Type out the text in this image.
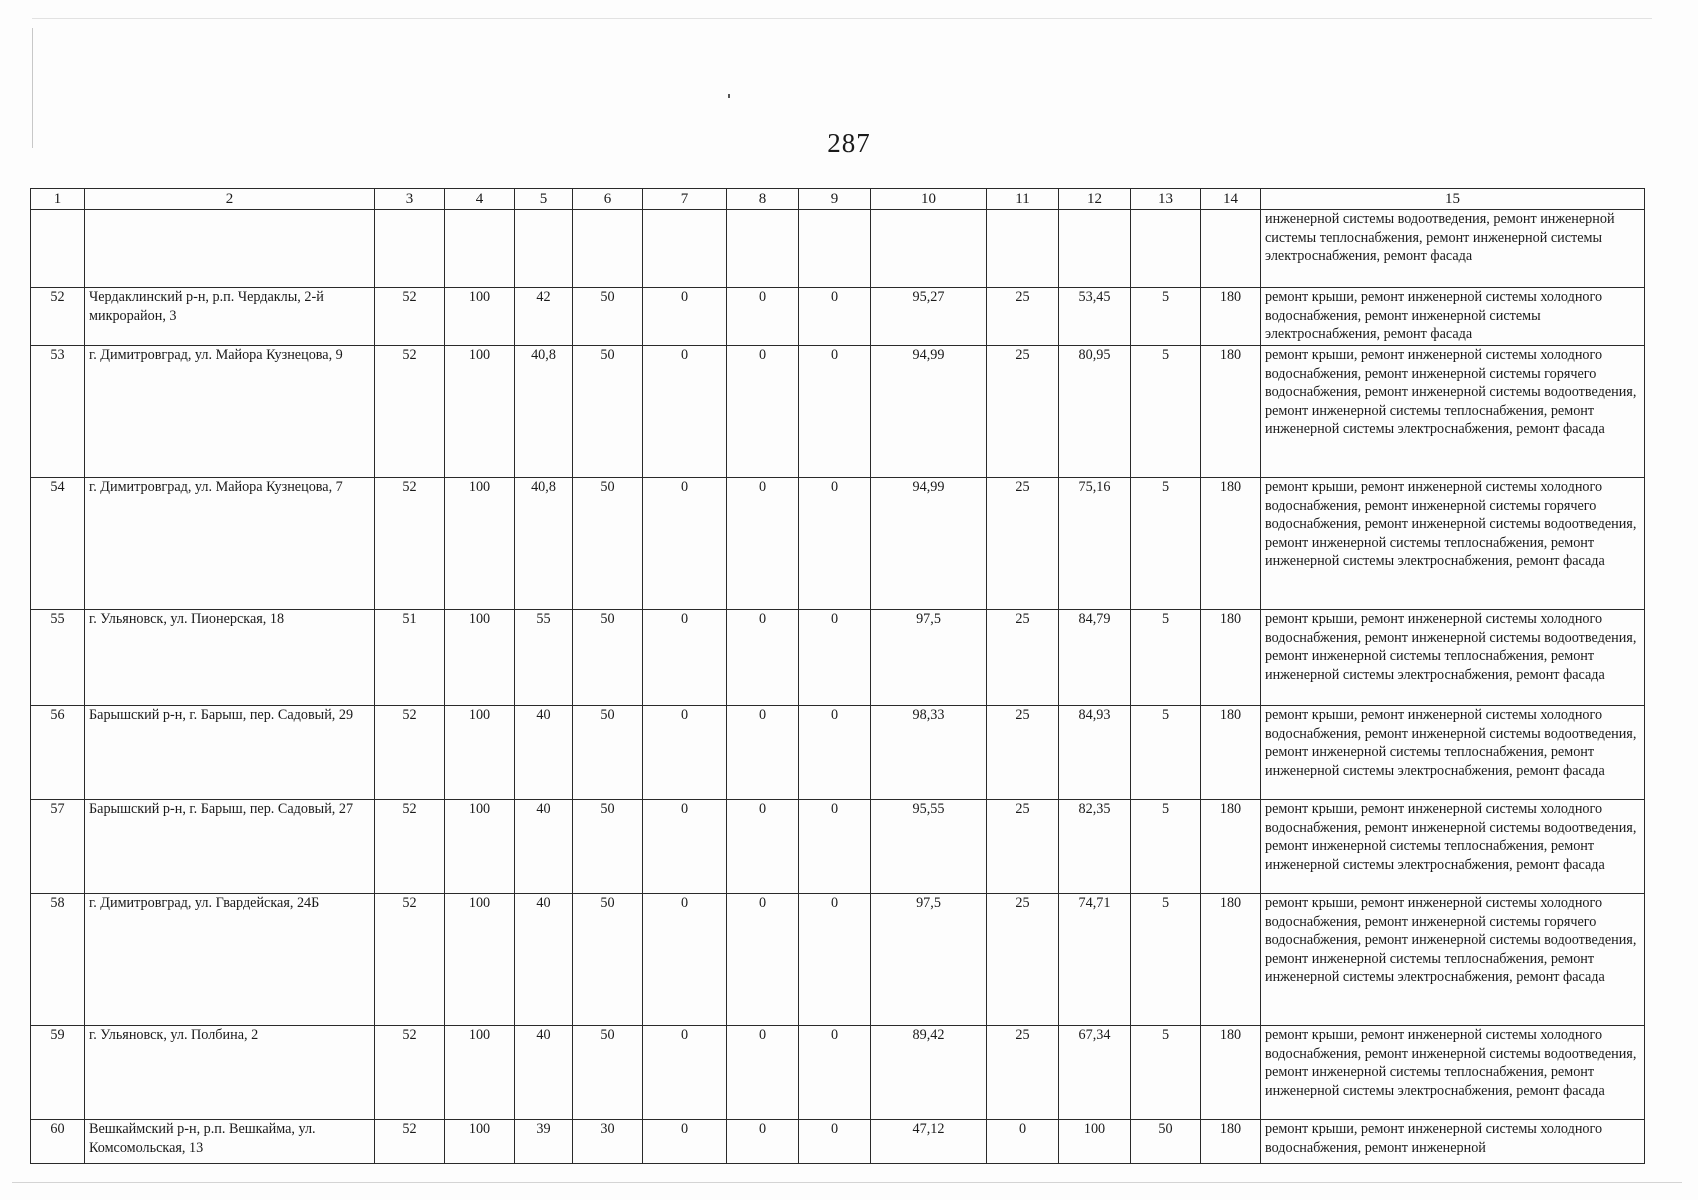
287
1	2	3	4	5	6	7	8	9	10	11	12	13	14	15
														инженерной системы водоотведения, ремонт инженерной системы теплоснабжения, ремонт инженерной системы электроснабжения, ремонт фасада
52	Чердаклинский р-н, р.п. Чердаклы, 2-й микрорайон, 3	52	100	42	50	0	0	0	95,27	25	53,45	5	180	ремонт крыши, ремонт инженерной системы холодного водоснабжения, ремонт инженерной системы электроснабжения, ремонт фасада
53	г. Димитровград, ул. Майора Кузнецова, 9	52	100	40,8	50	0	0	0	94,99	25	80,95	5	180	ремонт крыши, ремонт инженерной системы холодного водоснабжения, ремонт инженерной системы горячего водоснабжения, ремонт инженерной системы водоотведения, ремонт инженерной системы теплоснабжения, ремонт инженерной системы электроснабжения, ремонт фасада
54	г. Димитровград, ул. Майора Кузнецова, 7	52	100	40,8	50	0	0	0	94,99	25	75,16	5	180	ремонт крыши, ремонт инженерной системы холодного водоснабжения, ремонт инженерной системы горячего водоснабжения, ремонт инженерной системы водоотведения, ремонт инженерной системы теплоснабжения, ремонт инженерной системы электроснабжения, ремонт фасада
55	г. Ульяновск, ул. Пионерская, 18	51	100	55	50	0	0	0	97,5	25	84,79	5	180	ремонт крыши, ремонт инженерной системы холодного водоснабжения, ремонт инженерной системы водоотведения, ремонт инженерной системы теплоснабжения, ремонт инженерной системы электроснабжения, ремонт фасада
56	Барышский р-н, г. Барыш, пер. Садовый, 29	52	100	40	50	0	0	0	98,33	25	84,93	5	180	ремонт крыши, ремонт инженерной системы холодного водоснабжения, ремонт инженерной системы водоотведения, ремонт инженерной системы теплоснабжения, ремонт инженерной системы электроснабжения, ремонт фасада
57	Барышский р-н, г. Барыш, пер. Садовый, 27	52	100	40	50	0	0	0	95,55	25	82,35	5	180	ремонт крыши, ремонт инженерной системы холодного водоснабжения, ремонт инженерной системы водоотведения, ремонт инженерной системы теплоснабжения, ремонт инженерной системы электроснабжения, ремонт фасада
58	г. Димитровград, ул. Гвардейская, 24Б	52	100	40	50	0	0	0	97,5	25	74,71	5	180	ремонт крыши, ремонт инженерной системы холодного водоснабжения, ремонт инженерной системы горячего водоснабжения, ремонт инженерной системы водоотведения, ремонт инженерной системы теплоснабжения, ремонт инженерной системы электроснабжения, ремонт фасада
59	г. Ульяновск, ул. Полбина, 2	52	100	40	50	0	0	0	89,42	25	67,34	5	180	ремонт крыши, ремонт инженерной системы холодного водоснабжения, ремонт инженерной системы водоотведения, ремонт инженерной системы теплоснабжения, ремонт инженерной системы электроснабжения, ремонт фасада
60	Вешкаймский р-н, р.п. Вешкайма, ул. Комсомольская, 13	52	100	39	30	0	0	0	47,12	0	100	50	180	ремонт крыши, ремонт инженерной системы холодного водоснабжения, ремонт инженерной
